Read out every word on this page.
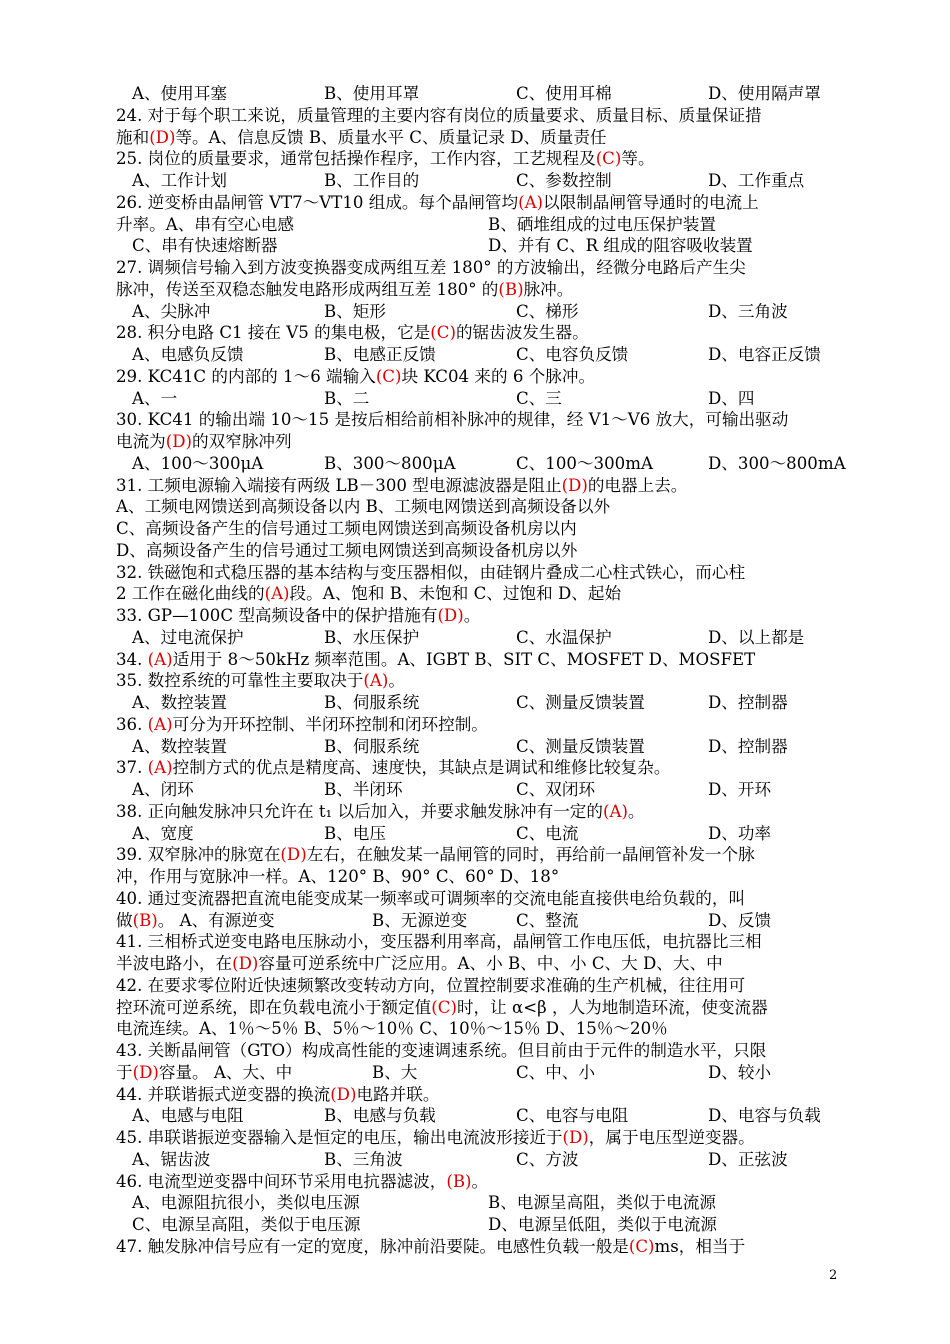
A、使用耳塞	B、使用耳罩	C、使用耳棉	D、使用隔声罩
24. 对于每个职工来说，质量管理的主要内容有岗位的质量要求、质量目标、质量保证措
施和(D)等。A、信息反馈 B、质量水平 C、质量记录 D、质量责任
25. 岗位的质量要求，通常包括操作程序，工作内容，工艺规程及(C)等。
A、工作计划	B、工作目的	C、参数控制	D、工作重点
26. 逆变桥由晶闸管 VT7～VT10 组成。每个晶闸管均(A)以限制晶闸管导通时的电流上
升率。A、串有空心电感	B、硒堆组成的过电压保护装置
C、串有快速熔断器	D、并有 C、R 组成的阻容吸收装置
27. 调频信号输入到方波变换器变成两组互差 180° 的方波输出，经微分电路后产生尖
脉冲，传送至双稳态触发电路形成两组互差 180° 的(B)脉冲。
A、尖脉冲	B、矩形	C、梯形	D、三角波
28. 积分电路 C1 接在 V5 的集电极，它是(C)的锯齿波发生器。
A、电感负反馈	B、电感正反馈	C、电容负反馈	D、电容正反馈
29. KC41C 的内部的 1～6 端输入(C)块 KC04 来的 6 个脉冲。
A、一	B、二	C、三	D、四
30. KC41 的输出端 10～15 是按后相给前相补脉冲的规律，经 V1～V6 放大，可输出驱动
电流为(D)的双窄脉冲列
A、100～300μA	B、300～800μA	C、100～300mA	D、300～800mA
31. 工频电源输入端接有两级 LB－300 型电源滤波器是阻止(D)的电器上去。
A、工频电网馈送到高频设备以内 B、工频电网馈送到高频设备以外
C、高频设备产生的信号通过工频电网馈送到高频设备机房以内
D、高频设备产生的信号通过工频电网馈送到高频设备机房以外
32. 铁磁饱和式稳压器的基本结构与变压器相似，由硅钢片叠成二心柱式铁心，而心柱
2 工作在磁化曲线的(A)段。A、饱和 B、未饱和 C、过饱和 D、起始
33. GP—100C 型高频设备中的保护措施有(D)。
A、过电流保护	B、水压保护	C、水温保护	D、以上都是
34. (A)适用于 8～50kHz 频率范围。A、IGBT B、SIT C、MOSFET D、MOSFET
35. 数控系统的可靠性主要取决于(A)。
A、数控装置	B、伺服系统	C、测量反馈装置	D、控制器
36. (A)可分为开环控制、半闭环控制和闭环控制。
A、数控装置	B、伺服系统	C、测量反馈装置	D、控制器
37. (A)控制方式的优点是精度高、速度快，其缺点是调试和维修比较复杂。
A、闭环	B、半闭环	C、双闭环	D、开环
38. 正向触发脉冲只允许在 t₁ 以后加入，并要求触发脉冲有一定的(A)。
A、宽度	B、电压	C、电流	D、功率
39. 双窄脉冲的脉宽在(D)左右，在触发某一晶闸管的同时，再给前一晶闸管补发一个脉
冲，作用与宽脉冲一样。A、120° B、90° C、60° D、18°
40. 通过变流器把直流电能变成某一频率或可调频率的交流电能直接供电给负载的，叫
做(B)。 A、有源逆变	B、无源逆变	C、整流	D、反馈
41. 三相桥式逆变电路电压脉动小，变压器利用率高，晶闸管工作电压低，电抗器比三相
半波电路小，在(D)容量可逆系统中广泛应用。A、小 B、中、小 C、大 D、大、中
42. 在要求零位附近快速频繁改变转动方向，位置控制要求准确的生产机械，往往用可
控环流可逆系统，即在负载电流小于额定值(C)时，让 α<β ，人为地制造环流，使变流器
电流连续。A、1％～5％ B、5％～10％ C、10％～15％ D、15％～20％
43. 关断晶闸管（GTO）构成高性能的变速调速系统。但目前由于元件的制造水平，只限
于(D)容量。 A、大、中	B、大	C、中、小	D、较小
44. 并联谐振式逆变器的换流(D)电路并联。
A、电感与电阻	B、电感与负载	C、电容与电阻	D、电容与负载
45. 串联谐振逆变器输入是恒定的电压，输出电流波形接近于(D)，属于电压型逆变器。
A、锯齿波	B、三角波	C、方波	D、正弦波
46. 电流型逆变器中间环节采用电抗器滤波，(B)。
A、电源阻抗很小，类似电压源	B、电源呈高阻，类似于电流源
C、电源呈高阻，类似于电压源	D、电源呈低阻，类似于电流源
47. 触发脉冲信号应有一定的宽度，脉冲前沿要陡。电感性负载一般是(C)ms，相当于
2
